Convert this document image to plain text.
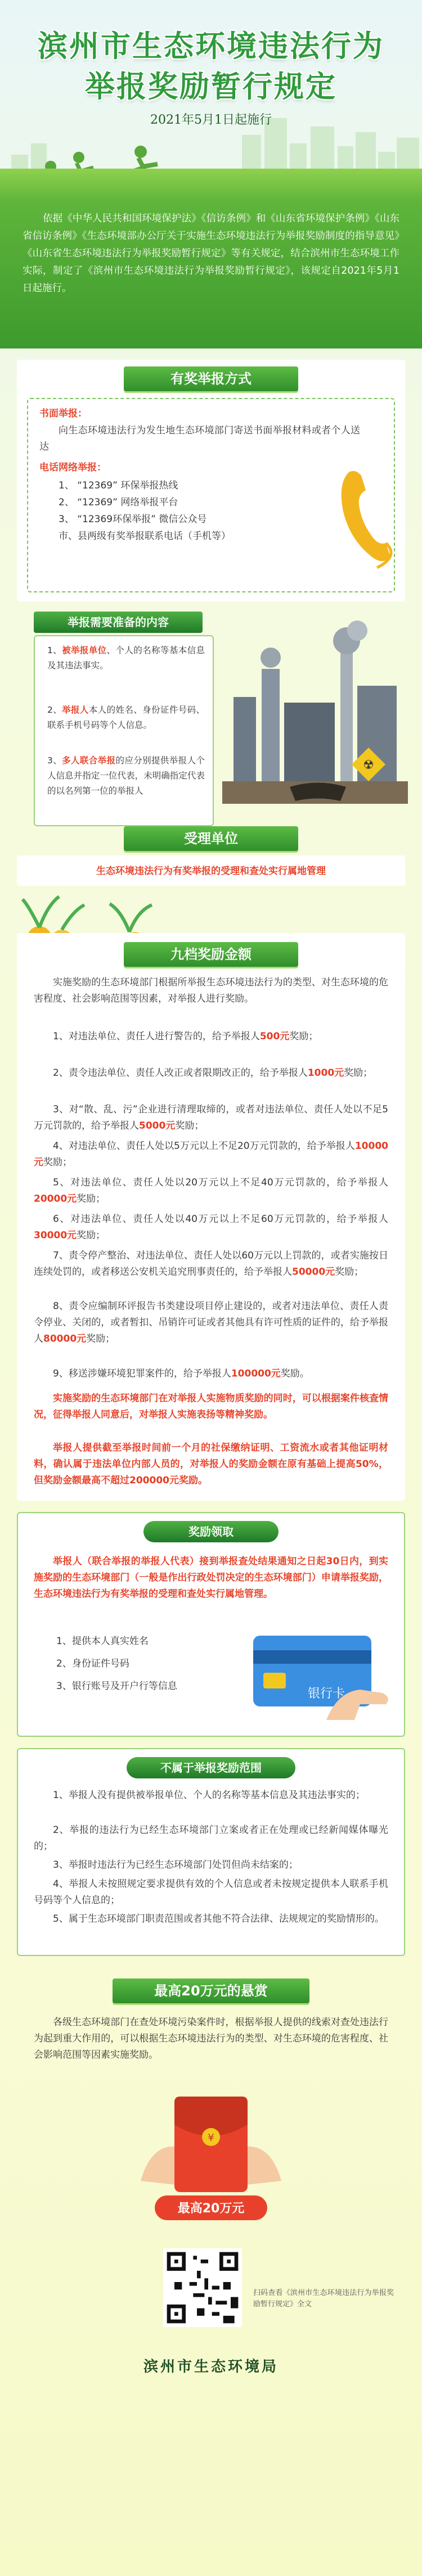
滨州市生态环境违法行为
举报奖励暂行规定
2021年5月1日起施行
依据《中华人民共和国环境保护法》《信访条例》和《山东省环境保护条例》《山东省信访条例》《生态环境部办公厅关于实施生态环境违法行为举报奖励制度的指导意见》《山东省生态环境违法行为举报奖励暂行规定》等有关规定，结合滨州市生态环境工作实际，制定了《滨州市生态环境违法行为举报奖励暂行规定》，该规定自2021年5月1日起施行。
有奖举报方式
书面举报：
向生态环境违法行为发生地生态环境部门寄送书面举报材料或者个人送达
电话网络举报：
1、 “12369” 环保举报热线
2、 “12369” 网络举报平台
3、 “12369环保举报” 微信公众号
市、县两级有奖举报联系电话（手机等）
举报需要准备的内容
1、被举报单位、个人的名称等基本信息及其违法事实。
2、举报人本人的姓名、身份证件号码、联系手机号码等个人信息。
3、多人联合举报的应分别提供举报人个人信息并指定一位代表，未明确指定代表的以名列第一位的举报人
☢
受理单位
生态环境违法行为有奖举报的受理和查处实行属地管理
九档奖励金额
实施奖励的生态环境部门根据所举报生态环境违法行为的类型、对生态环境的危害程度、社会影响范围等因素，对举报人进行奖励。
1、对违法单位、责任人进行警告的，给予举报人500元奖励；
2、责令违法单位、责任人改正或者限期改正的，给予举报人1000元奖励；
3、对“散、乱、污”企业进行清理取缔的，或者对违法单位、责任人处以不足5万元罚款的，给予举报人5000元奖励；
4、对违法单位、责任人处以5万元以上不足20万元罚款的，给予举报人10000元奖励；
5、对违法单位、责任人处以20万元以上不足40万元罚款的，给予举报人20000元奖励；
6、对违法单位、责任人处以40万元以上不足60万元罚款的，给予举报人30000元奖励；
7、责令停产整治、对违法单位、责任人处以60万元以上罚款的，或者实施按日连续处罚的，或者移送公安机关追究刑事责任的，给予举报人50000元奖励；
8、责令应编制环评报告书类建设项目停止建设的，或者对违法单位、责任人责令停业、关闭的，或者暂扣、吊销许可证或者其他具有许可性质的证件的，给予举报人80000元奖励；
9、移送涉嫌环境犯罪案件的，给予举报人100000元奖励。
实施奖励的生态环境部门在对举报人实施物质奖励的同时，可以根据案件核查情况，征得举报人同意后，对举报人实施表扬等精神奖励。
举报人提供截至举报时间前一个月的社保缴纳证明、工资流水或者其他证明材料，确认属于违法单位内部人员的，对举报人的奖励金额在原有基础上提高50%，但奖励金额最高不超过200000元奖励。
奖励领取
举报人（联合举报的举报人代表）接到举报查处结果通知之日起30日内，到实施奖励的生态环境部门（一般是作出行政处罚决定的生态环境部门）申请举报奖励，生态环境违法行为有奖举报的受理和查处实行属地管理。
1、提供本人真实姓名
2、身份证件号码
3、银行账号及开户行等信息
银行卡
不属于举报奖励范围
1、举报人没有提供被举报单位、个人的名称等基本信息及其违法事实的；
2、举报的违法行为已经生态环境部门立案或者正在处理或已经新闻媒体曝光的；
3、举报时违法行为已经生态环境部门处罚但尚未结案的；
4、举报人未按照规定要求提供有效的个人信息或者未按规定提供本人联系手机号码等个人信息的；
5、属于生态环境部门职责范围或者其他不符合法律、法规规定的奖励情形的。
最高20万元的悬赏
各级生态环境部门在查处环境污染案件时，根据举报人提供的线索对查处违法行为起到重大作用的，可以根据生态环境违法行为的类型、对生态环境的危害程度、社会影响范围等因素实施奖励。
¥
最高20万元
扫码查看《滨州市生态环境违法行为举报奖励暂行规定》全文
滨州市生态环境局
